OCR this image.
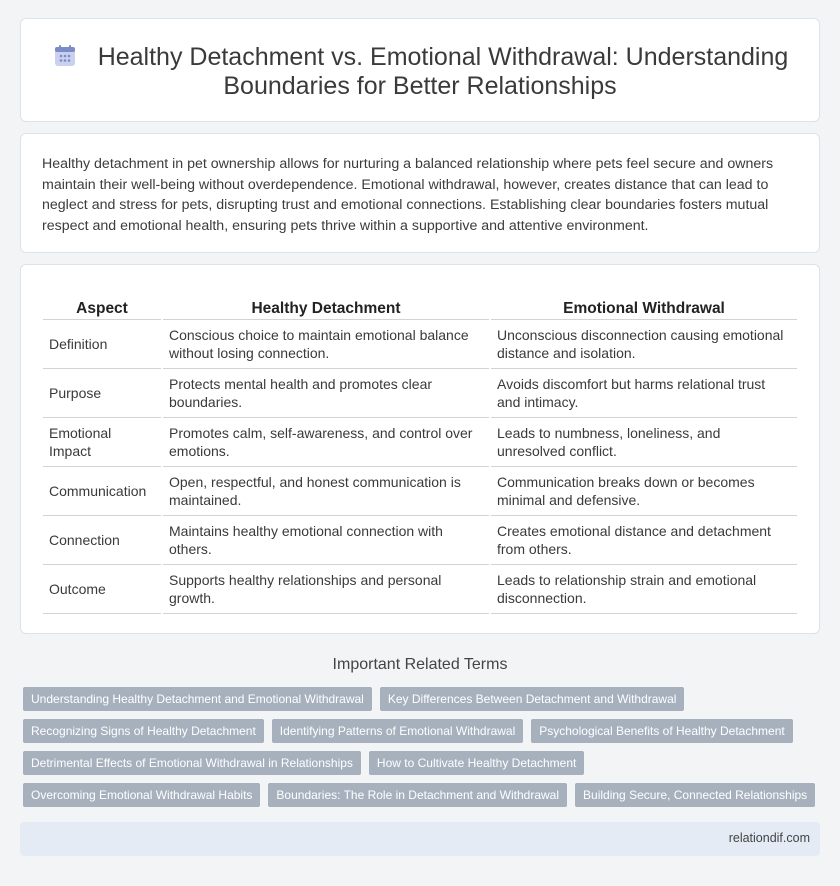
Healthy Detachment vs. Emotional Withdrawal: Understanding
Boundaries for Better Relationships

Healthy detachment in pet ownership allows for nurturing a balanced relationship where pets feel secure and owners maintain their well-being without overdependence. Emotional withdrawal, however, creates distance that can lead to neglect and stress for pets, disrupting trust and emotional connections. Establishing clear boundaries fosters mutual respect and emotional health, ensuring pets thrive within a supportive and attentive environment.

Aspect	Healthy Detachment	Emotional Withdrawal
Definition	Conscious choice to maintain emotional balance without losing connection.	Unconscious disconnection causing emotional distance and isolation.
Purpose	Protects mental health and promotes clear boundaries.	Avoids discomfort but harms relational trust and intimacy.
Emotional Impact	Promotes calm, self-awareness, and control over emotions.	Leads to numbness, loneliness, and unresolved conflict.
Communication	Open, respectful, and honest communication is maintained.	Communication breaks down or becomes minimal and defensive.
Connection	Maintains healthy emotional connection with others.	Creates emotional distance and detachment from others.
Outcome	Supports healthy relationships and personal growth.	Leads to relationship strain and emotional disconnection.
Important Related Terms
Understanding Healthy Detachment and Emotional Withdrawal	Key Differences Between Detachment and Withdrawal
Recognizing Signs of Healthy Detachment	Identifying Patterns of Emotional Withdrawal	Psychological Benefits of Healthy Detachment
Detrimental Effects of Emotional Withdrawal in Relationships	How to Cultivate Healthy Detachment
Overcoming Emotional Withdrawal Habits	Boundaries: The Role in Detachment and Withdrawal	Building Secure, Connected Relationships
relationdif.com
